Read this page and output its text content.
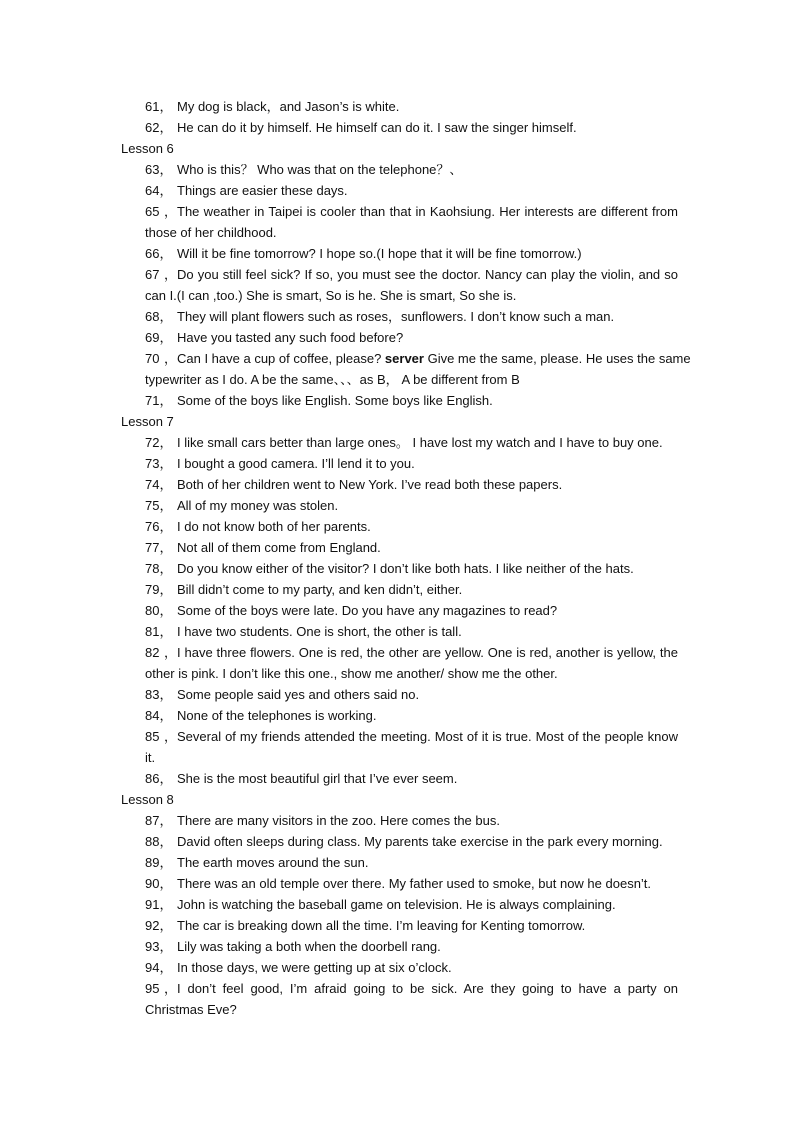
61， My dog is black，and Jason’s is white.
62， He can do it by himself. He himself can do it. I saw the singer himself.
Lesson 6
63， Who is this？ Who was that on the telephone？、
64， Things are easier these days.
65，The weather in Taipei is cooler than that in Kaohsiung. Her interests are different from
those of her childhood.
66， Will it be fine tomorrow? I hope so.(I hope that it will be fine tomorrow.)
67，Do you still feel sick? If so, you must see the doctor. Nancy can play the violin, and so
can I.(I can ,too.) She is smart, So is he. She is smart, So she is.
68， They will plant flowers such as roses，sunflowers. I don’t know such a man.
69， Have you tasted any such food before?
70，Can I have a cup of coffee, please? server Give me the same, please. He uses the same
typewriter as I do. A be the same、、、as B， A be different from B
71， Some of the boys like English. Some boys like English.
Lesson 7
72， I like small cars better than large ones。 I have lost my watch and I have to buy one.
73， I bought a good camera. I’ll lend it to you.
74， Both of her children went to New York. I’ve read both these papers.
75， All of my money was stolen.
76， I do not know both of her parents.
77， Not all of them come from England.
78， Do you know either of the visitor? I don’t like both hats. I like neither of the hats.
79， Bill didn’t come to my party, and ken didn’t, either.
80， Some of the boys were late. Do you have any magazines to read?
81， I have two students. One is short, the other is tall.
82，I have three flowers. One is red, the other are yellow. One is red, another is yellow, the
other is pink. I don’t like this one., show me another/ show me the other.
83， Some people said yes and others said no.
84， None of the telephones is working.
85，Several of my friends attended the meeting. Most of it is true. Most of the people know
it.
86， She is the most beautiful girl that I’ve ever seem.
Lesson 8
87， There are many visitors in the zoo. Here comes the bus.
88， David often sleeps during class. My parents take exercise in the park every morning.
89， The earth moves around the sun.
90， There was an old temple over there. My father used to smoke, but now he doesn’t.
91， John is watching the baseball game on television. He is always complaining.
92， The car is breaking down all the time. I’m leaving for Kenting tomorrow.
93， Lily was taking a both when the doorbell rang.
94， In those days, we were getting up at six o’clock.
95，I don’t feel good, I’m afraid going to be sick. Are they going to have a party on
Christmas Eve?
